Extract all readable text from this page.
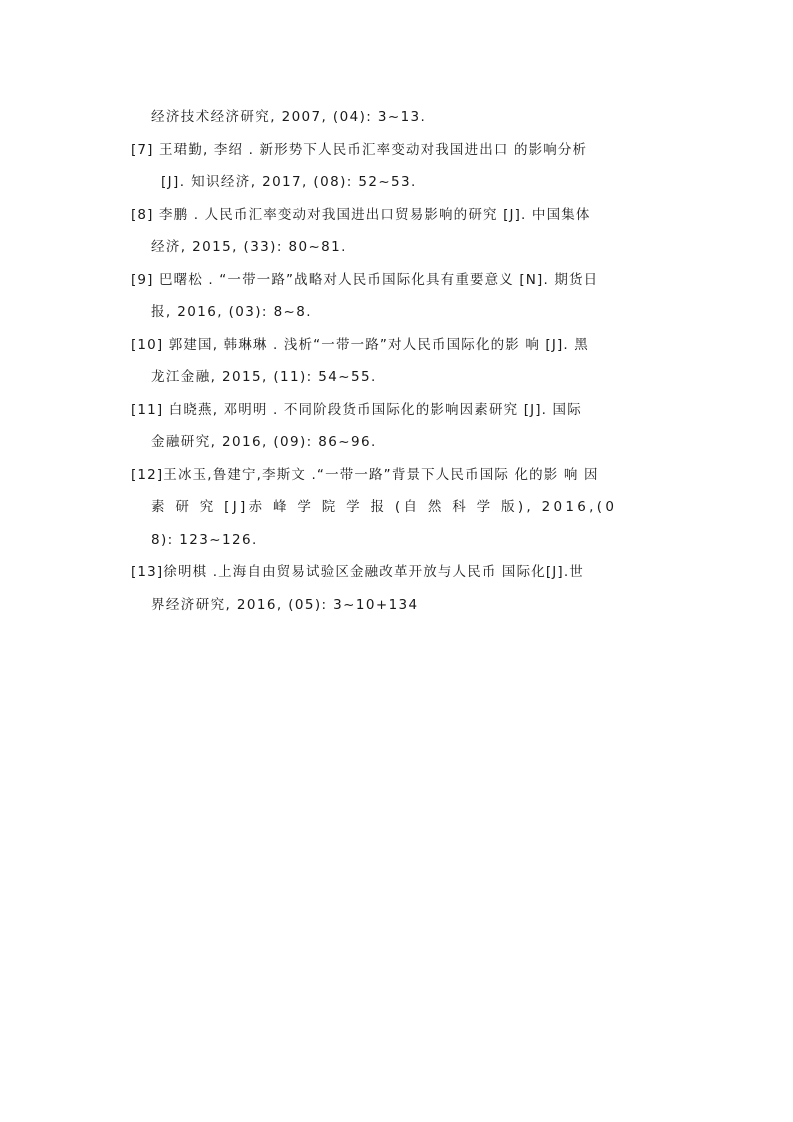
经济技术经济研究, 2007, (04): 3~13.
[7] 王珺勤, 李绍 . 新形势下人民币汇率变动对我国进出口 的影响分析
[J]. 知识经济, 2017, (08): 52~53.
[8] 李鹏 . 人民币汇率变动对我国进出口贸易影响的研究 [J]. 中国集体
经济, 2015, (33): 80~81.
[9] 巴曙松 . “一带一路”战略对人民币国际化具有重要意义 [N]. 期货日
报, 2016, (03): 8~8.
[10] 郭建国, 韩琳琳 . 浅析“一带一路”对人民币国际化的影 响 [J]. 黑
龙江金融, 2015, (11): 54~55.
[11] 白晓燕, 邓明明 . 不同阶段货币国际化的影响因素研究 [J]. 国际
金融研究, 2016, (09): 86~96.
[12]王冰玉,鲁建宁,李斯文 .“一带一路”背景下人民币国际 化的影 响 因
素 研 究 [J]赤 峰 学 院 学 报 (自 然 科 学 版), 2016,(0
8): 123~126.
[13]徐明棋 .上海自由贸易试验区金融改革开放与人民币 国际化[J].世
界经济研究, 2016, (05): 3~10+134
